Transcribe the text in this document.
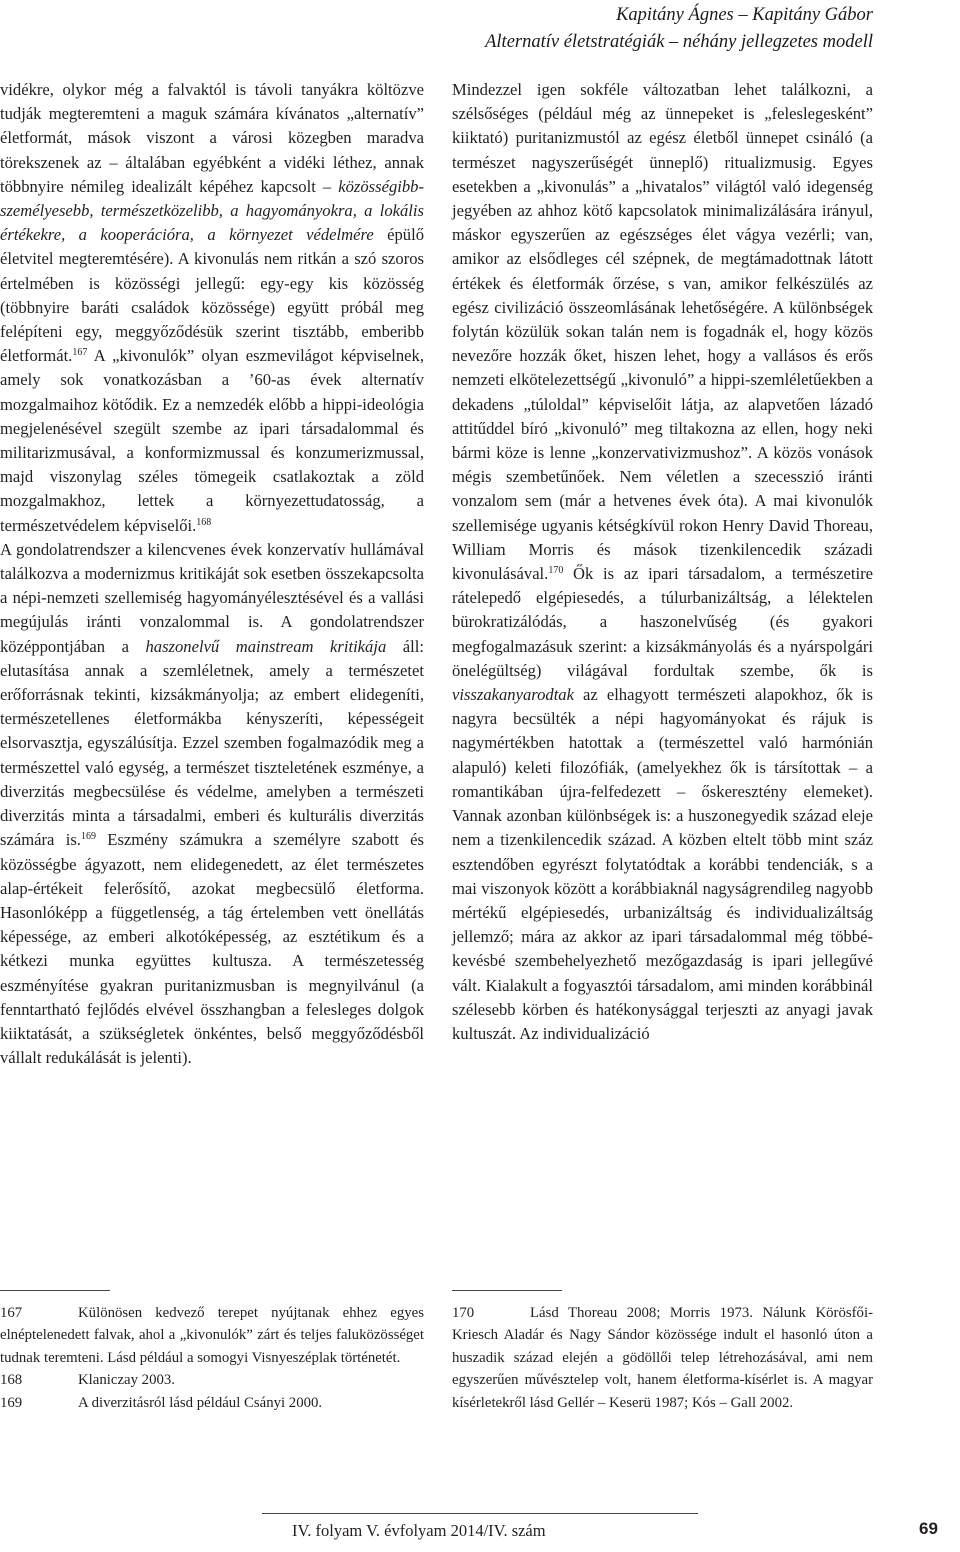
Kapitány Ágnes – Kapitány Gábor
Alternatív életstratégiák – néhány jellegzetes modell

vidékre, olykor még a falvaktól is távoli tanyákra költözve tudják megteremteni a maguk számára kívánatos „alternatív” életformát, mások viszont a városi közegben maradva törekszenek az – általában egyébként a vidéki léthez, annak többnyire némileg idealizált képéhez kapcsolt – közösségibb-személyesebb, természetközelibb, a hagyományokra, a lokális értékekre, a kooperációra, a környezet védelmére épülő életvitel megteremtésére). A kivonulás nem ritkán a szó szoros értelmében is közösségi jellegű: egy-egy kis közösség (többnyire baráti családok közössége) együtt próbál meg felépíteni egy, meggyőződésük szerint tisztább, emberibb életformát.$^{167}$ A „kivonulók” olyan eszmevilágot képviselnek, amely sok vonatkozásban a ’60-as évek alternatív mozgalmaihoz kötődik. Ez a nemzedék előbb a hippi-ideológia megjelenésével szegült szembe az ipari társadalommal és militarizmusával, a konformizmussal és konzumerizmussal, majd viszonylag széles tömegeik csatlakoztak a zöld mozgalmakhoz, lettek a környezettudatosság, a természetvédelem képviselői.$^{168}$

A gondolatrendszer a kilencvenes évek konzervatív hullámával találkozva a modernizmus kritikáját sok esetben összekapcsolta a népi-nemzeti szellemiség hagyományélesztésével és a vallási megújulás iránti vonzalommal is. A gondolatrendszer középpontjában a haszonelvű mainstream kritikája áll: elutasítása annak a szemléletnek, amely a természetet erőforrásnak tekinti, kizsákmányolja; az embert elidegeníti, természetellenes életformákba kényszeríti, képességeit elsorvasztja, egyszálúsítja. Ezzel szemben fogalmazódik meg a természettel való egység, a természet tiszteletének eszménye, a diverzitás megbecsülése és védelme, amelyben a természeti diverzitás minta a társadalmi, emberi és kulturális diverzitás számára is.$^{169}$ Eszmény számukra a személyre szabott és közösségbe ágyazott, nem elidegenedett, az élet természetes alap-értékeit felerősítő, azokat megbecsülő életforma. Hasonlóképp a függetlenség, a tág értelemben vett önellátás képessége, az emberi alkotóképesség, az esztétikum és a kétkezi munka együttes kultusza. A természetesség eszményítése gyakran puritanizmusban is megnyilvánul (a fenntartható fejlődés elvével összhangban a felesleges dolgok kiiktatását, a szükségletek önkéntes, belső meggyőződésből vállalt redukálását is jelenti).

Mindezzel igen sokféle változatban lehet találkozni, a szélsőséges (például még az ünnepeket is „feleslegesként” kiiktató) puritanizmustól az egész életből ünnepet csináló (a természet nagyszerűségét ünneplő) ritualizmusig. Egyes esetekben a „kivonulás” a „hivatalos” világtól való idegenség jegyében az ahhoz kötő kapcsolatok minimalizálására irányul, máskor egyszerűen az egészséges élet vágya vezérli; van, amikor az elsődleges cél szépnek, de megtámadottnak látott értékek és életformák őrzése, s van, amikor felkészülés az egész civilizáció összeomlásának lehetőségére. A különbségek folytán közülük sokan talán nem is fogadnák el, hogy közös nevezőre hozzák őket, hiszen lehet, hogy a vallásos és erős nemzeti elkötelezettségű „kivonuló” a hippi-szemléletűekben a dekadens „túloldal” képviselőit látja, az alapvetően lázadó attitűddel bíró „kivonuló” meg tiltakozna az ellen, hogy neki bármi köze is lenne „konzervativizmushoz”. A közös vonások mégis szembetűnőek. Nem véletlen a szecesszió iránti vonzalom sem (már a hetvenes évek óta). A mai kivonulók szellemisége ugyanis kétségkívül rokon Henry David Thoreau, William Morris és mások tizenkilencedik századi kivonulásával.$^{170}$ Ők is az ipari társadalom, a természetire rátelepedő elgépiesedés, a túlurbanizáltság, a lélektelen bürokratizálódás, a haszonelvűség (és gyakori megfogalmazásuk szerint: a kizsákmányolás és a nyárspolgári önelégültség) világával fordultak szembe, ők is visszakanyarodtak az elhagyott természeti alapokhoz, ők is nagyra becsülték a népi hagyományokat és rájuk is nagymértékben hatottak a (természettel való harmónián alapuló) keleti filozófiák, (amelyekhez ők is társítottak – a romantikában újra-felfedezett – őskeresztény elemeket). Vannak azonban különbségek is: a huszonegyedik század eleje nem a tizenkilencedik század. A közben eltelt több mint száz esztendőben egyrészt folytatódtak a korábbi tendenciák, s a mai viszonyok között a korábbiaknál nagyságrendileg nagyobb mértékű elgépiesedés, urbanizáltság és individualizáltság jellemző; mára az akkor az ipari társadalommal még többé-kevésbé szembehelyezhető mezőgazdaság is ipari jellegűvé vált. Kialakult a fogyasztói társadalom, ami minden korábbinál szélesebb körben és hatékonysággal terjeszti az anyagi javak kultuszát. Az individualizáció

167	Különösen kedvező terepet nyújtanak ehhez egyes elnéptelenedett falvak, ahol a „kivonulók” zárt és teljes faluközösséget tudnak teremteni. Lásd például a somogyi Visnyeszéplak történetét.

168	Klaniczay 2003.

169	A diverzitásról lásd például Csányi 2000.

170	Lásd Thoreau 2008; Morris 1973. Nálunk Körösfői-Kriesch Aladár és Nagy Sándor közössége indult el hasonló úton a huszadik század elején a gödöllői telep létrehozásával, ami nem egyszerűen művésztelep volt, hanem életforma-kísérlet is. A magyar kísérletekről lásd Gellér – Keserü 1987; Kós – Gall 2002.

IV. folyam V. évfolyam 2014/IV. szám	69
